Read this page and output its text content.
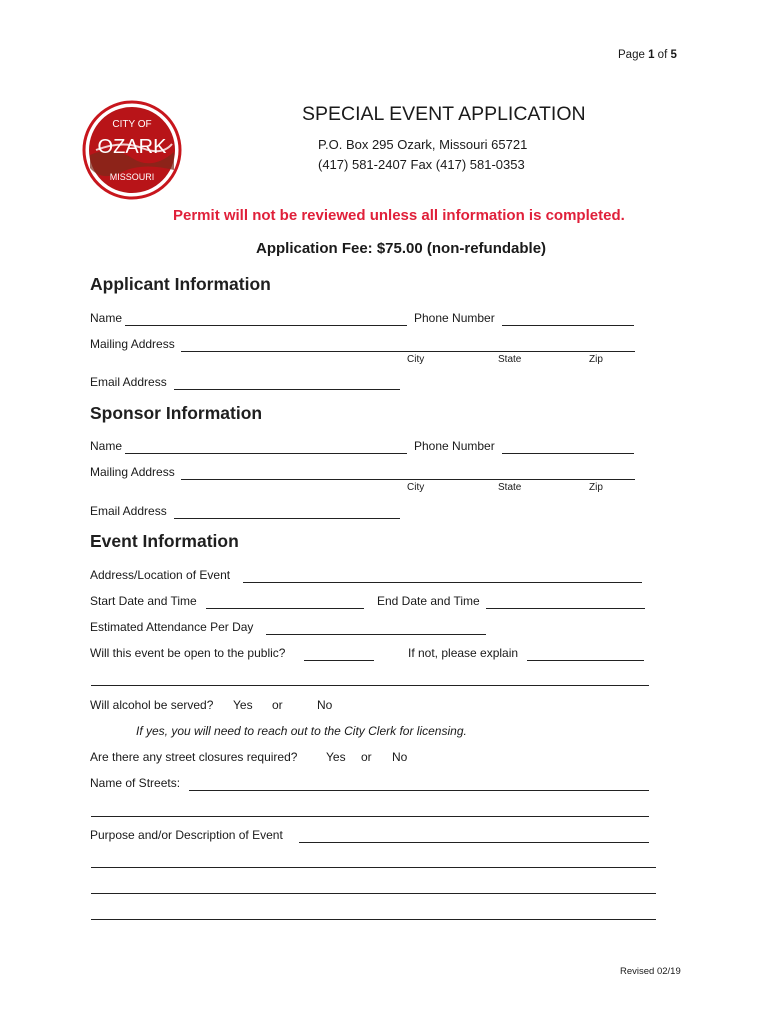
Page 1 of 5
CITY OF
OZARK
MISSOURI
SPECIAL EVENT APPLICATION
P.O. Box 295 Ozark, Missouri 65721
(417) 581-2407 Fax (417) 581-0353
Permit will not be reviewed unless all information is completed.
Application Fee: $75.00 (non-refundable)
Applicant Information
Name	Phone Number
Mailing Address
City	State	Zip
Email Address
Sponsor Information
Name	Phone Number
Mailing Address
City	State	Zip
Email Address
Event Information
Address/Location of Event
Start Date and Time	End Date and Time
Estimated Attendance Per Day
Will this event be open to the public?	If not, please explain
Will alcohol be served? Yes or	No
If yes, you will need to reach out to the City Clerk for licensing.
Are there any street closures required? Yes or No
Name of Streets:
Purpose and/or Description of Event
Revised 02/19
